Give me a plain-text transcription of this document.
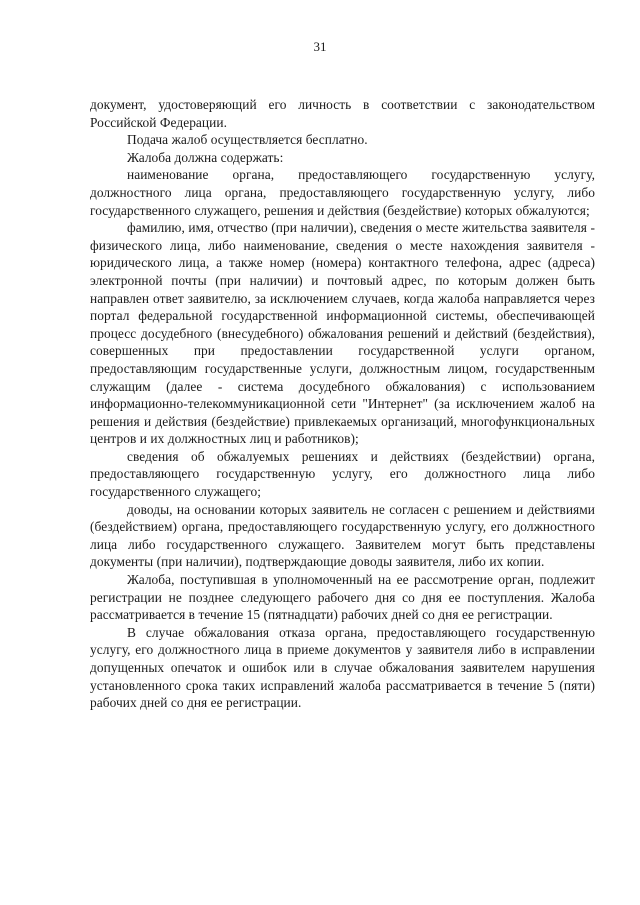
31

документ, удостоверяющий его личность в соответствии с законодательством Российской Федерации.

Подача жалоб осуществляется бесплатно.

Жалоба должна содержать:

наименование органа, предоставляющего государственную услугу, должностного лица органа, предоставляющего государственную услугу, либо государственного служащего, решения и действия (бездействие) которых обжалуются;

фамилию, имя, отчество (при наличии), сведения о месте жительства заявителя - физического лица, либо наименование, сведения о месте нахождения заявителя - юридического лица, а также номер (номера) контактного телефона, адрес (адреса) электронной почты (при наличии) и почтовый адрес, по которым должен быть направлен ответ заявителю, за исключением случаев, когда жалоба направляется через портал федеральной государственной информационной системы, обеспечивающей процесс досудебного (внесудебного) обжалования решений и действий (бездействия), совершенных при предоставлении государственной услуги органом, предоставляющим государственные услуги, должностным лицом, государственным служащим (далее - система досудебного обжалования) с использованием информационно-телекоммуникационной сети "Интернет" (за исключением жалоб на решения и действия (бездействие) привлекаемых организаций, многофункциональных центров и их должностных лиц и работников);

сведения об обжалуемых решениях и действиях (бездействии) органа, предоставляющего государственную услугу, его должностного лица либо государственного служащего;

доводы, на основании которых заявитель не согласен с решением и действиями (бездействием) органа, предоставляющего государственную услугу, его должностного лица либо государственного служащего. Заявителем могут быть представлены документы (при наличии), подтверждающие доводы заявителя, либо их копии.

Жалоба, поступившая в уполномоченный на ее рассмотрение орган, подлежит регистрации не позднее следующего рабочего дня со дня ее поступления. Жалоба рассматривается в течение 15 (пятнадцати) рабочих дней со дня ее регистрации.

В случае обжалования отказа органа, предоставляющего государственную услугу, его должностного лица в приеме документов у заявителя либо в исправлении допущенных опечаток и ошибок или в случае обжалования заявителем нарушения установленного срока таких исправлений жалоба рассматривается в течение 5 (пяти) рабочих дней со дня ее регистрации.
